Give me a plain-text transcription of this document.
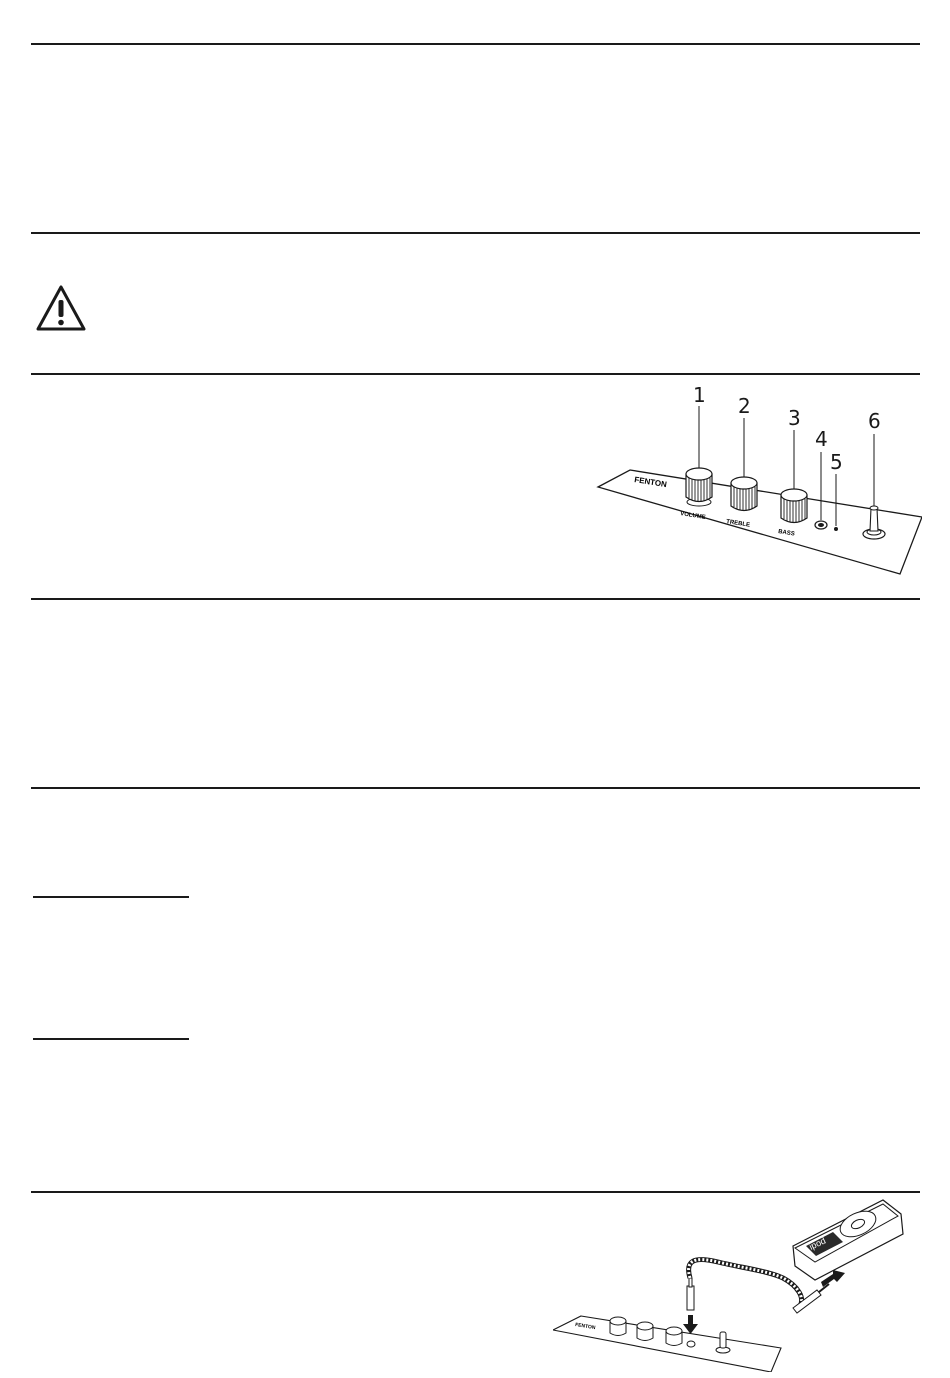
FENTON
VOLUME
TREBLE
BASS
1 2 3
4
5
6
FENTON
ipod
